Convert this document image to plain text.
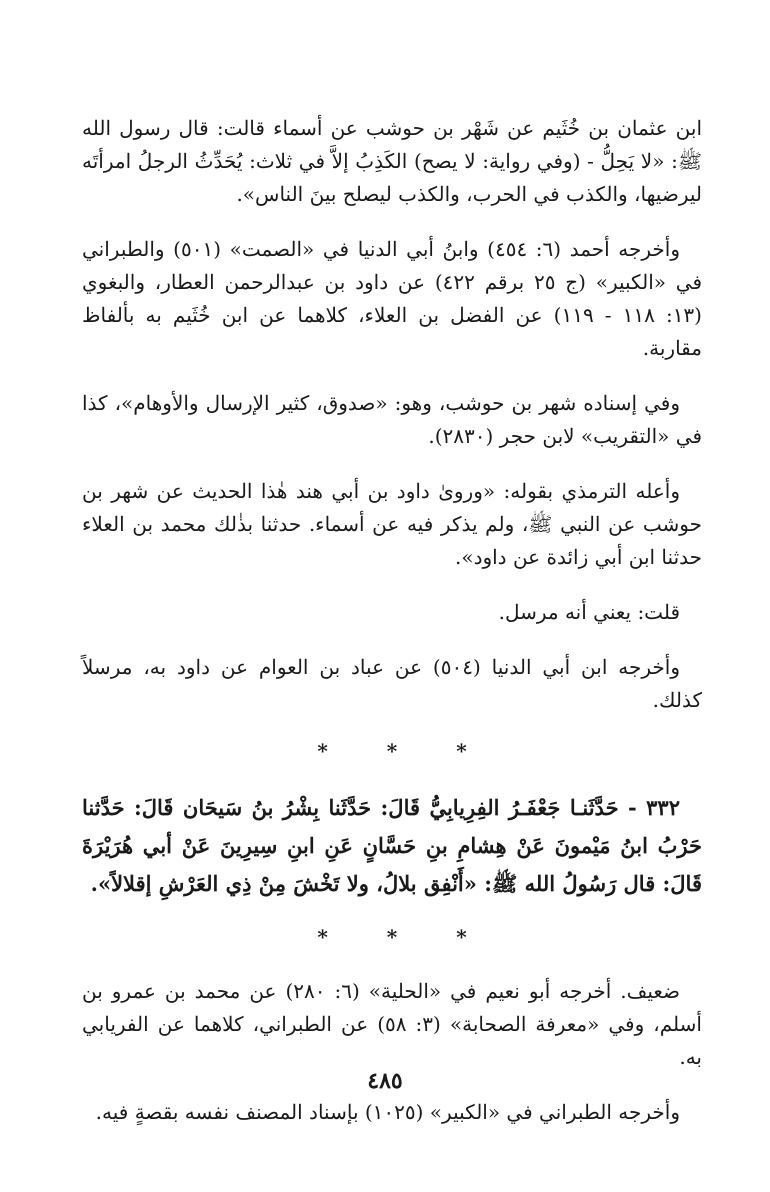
ابن عثمان بن خُثَيم عن شَهْر بن حوشب عن أسماء قالت: قال رسول الله ﷺ: «لا يَحِلُّ - (وفي رواية: لا يصح) الكَذِبُ إلاَّ في ثلاث: يُحَدِّثُ الرجلُ امرأتَه ليرضيها، والكذب في الحرب، والكذب ليصلح بينَ الناس».

وأخرجه أحمد (٦: ٤٥٤) وابنُ أبي الدنيا في «الصمت» (٥٠١) والطبراني في «الكبير» (ج ٢٥ برقم ٤٢٢) عن داود بن عبدالرحمن العطار، والبغوي (١٣: ١١٨ - ١١٩) عن الفضل بن العلاء، كلاهما عن ابن خُثَيم به بألفاظ مقاربة.

وفي إسناده شهر بن حوشب، وهو: «صدوق، كثير الإرسال والأوهام»، كذا في «التقريب» لابن حجر (٢٨٣٠).

وأعله الترمذي بقوله: «وروىٰ داود بن أبي هند هٰذا الحديث عن شهر بن حوشب عن النبي ﷺ، ولم يذكر فيه عن أسماء. حدثنا بذٰلك محمد بن العلاء حدثنا ابن أبي زائدة عن داود».

قلت: يعني أنه مرسل.

وأخرجه ابن أبي الدنيا (٥٠٤) عن عباد بن العوام عن داود به، مرسلاً كذلك.

* * *

٣٣٢ - حَدَّثَنـا جَعْفَـرُ الفِرِيابِيُّ قَالَ: حَدَّثَنا بِشْرُ بنُ سَيحَان قَالَ: حَدَّثنا حَرْبُ ابنُ مَيْمونَ عَنْ هِشامِ بنِ حَسَّانٍ عَنِ ابنِ سِيرِينَ عَنْ أبي هُرَيْرَةَ قَالَ: قال رَسُولُ الله ﷺ: «أَنْفِق بلالُ، ولا تَخْشَ مِنْ ذِي العَرْشِ إقلالاً».

* * *

ضعيف. أخرجه أبو نعيم في «الحلية» (٦: ٢٨٠) عن محمد بن عمرو بن أسلم، وفي «معرفة الصحابة» (٣: ٥٨) عن الطبراني، كلاهما عن الفريابي به.

وأخرجه الطبراني في «الكبير» (١٠٢٥) بإسناد المصنف نفسه بقصةٍ فيه.

٤٨٥
